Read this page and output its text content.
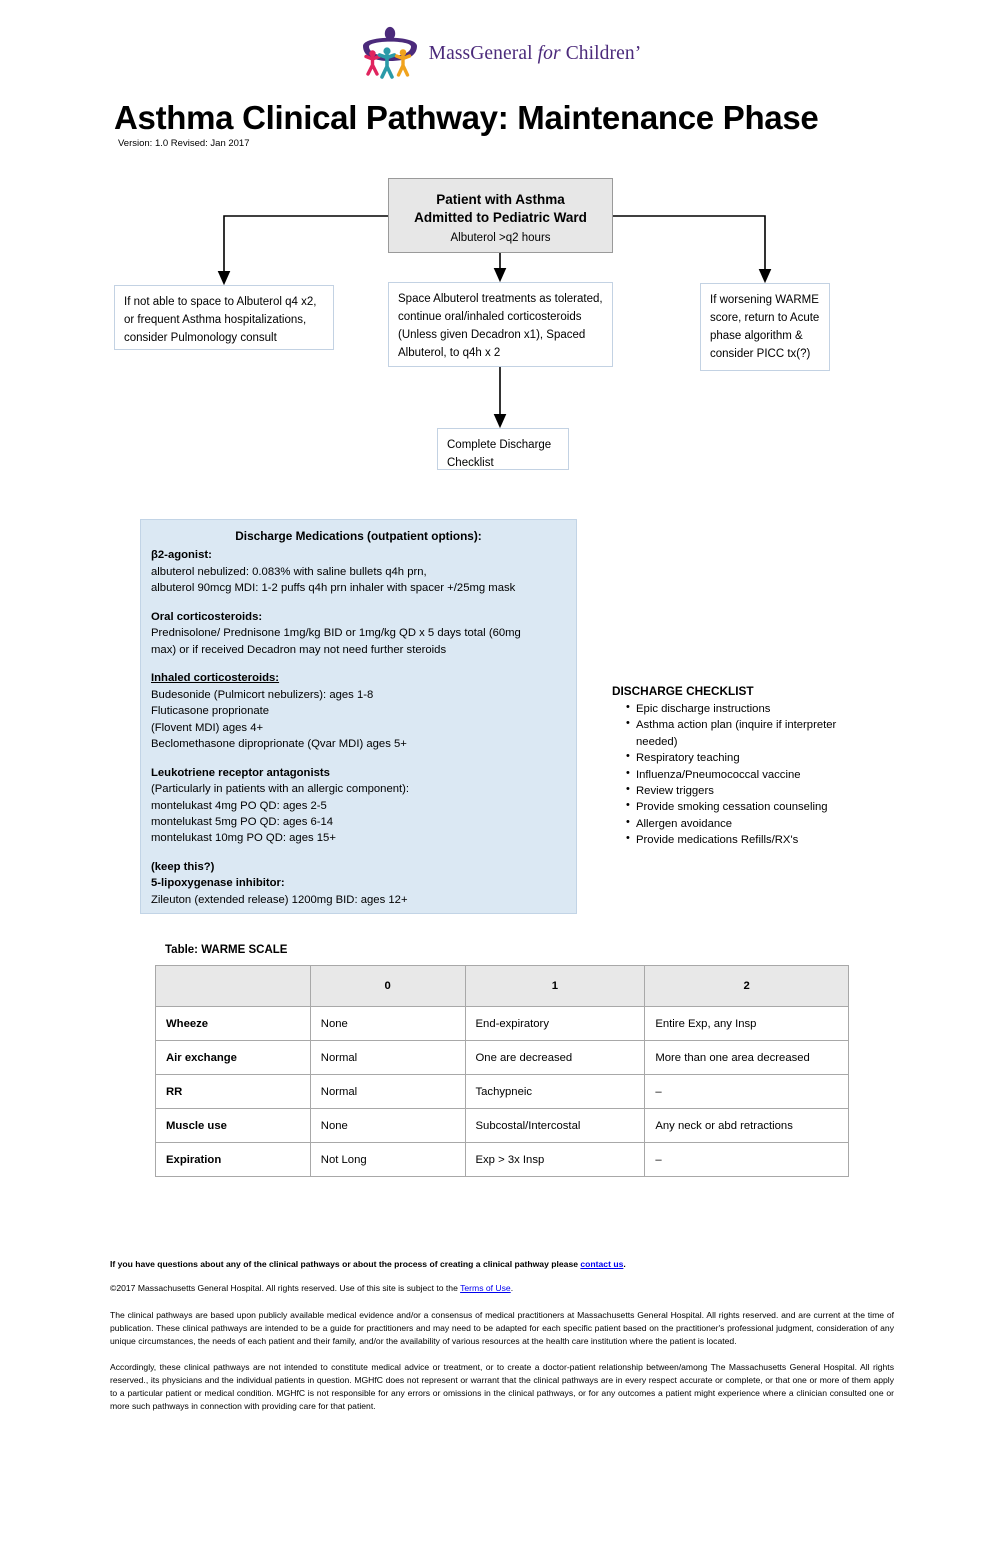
MassGeneral for Children’
Asthma Clinical Pathway: Maintenance Phase
Version: 1.0 Revised: Jan 2017
Patient with Asthma
Admitted to Pediatric Ward
Albuterol >q2 hours
If not able to space to Albuterol q4 x2, or frequent Asthma hospitalizations, consider Pulmonology consult
Space Albuterol treatments as tolerated, continue oral/inhaled corticosteroids (Unless given Decadron x1), Spaced Albuterol, to q4h x 2
If worsening WARME score, return to Acute phase algorithm & consider PICC tx(?)
Complete Discharge Checklist
Discharge Medications (outpatient options):
β2-agonist:
albuterol nebulized: 0.083% with saline bullets q4h prn,
albuterol 90mcg MDI: 1-2 puffs q4h prn inhaler with spacer +/25mg mask
Oral corticosteroids:
Prednisolone/ Prednisone 1mg/kg BID or 1mg/kg QD x 5 days total (60mg
max) or if received Decadron may not need further steroids
Inhaled corticosteroids:
Budesonide (Pulmicort nebulizers): ages 1-8
Fluticasone proprionate
(Flovent MDI) ages 4+
Beclomethasone diproprionate (Qvar MDI) ages 5+
Leukotriene receptor antagonists
(Particularly in patients with an allergic component):
montelukast 4mg PO QD: ages 2-5
montelukast 5mg PO QD: ages 6-14
montelukast 10mg PO QD: ages 15+
(keep this?)
5-lipoxygenase inhibitor:
Zileuton (extended release) 1200mg BID: ages 12+
DISCHARGE CHECKLIST
• Epic discharge instructions
• Asthma action plan (inquire if interpreter needed)
• Respiratory teaching
• Influenza/Pneumococcal vaccine
• Review triggers
• Provide smoking cessation counseling
• Allergen avoidance
• Provide medications Refills/RX's
Table: WARME SCALE
	0	1	2
Wheeze	None	End-expiratory	Entire Exp, any Insp
Air exchange	Normal	One are decreased	More than one area decreased
RR	Normal	Tachypneic	–
Muscle use	None	Subcostal/Intercostal	Any neck or abd retractions
Expiration	Not Long	Exp > 3x Insp	–
If you have questions about any of the clinical pathways or about the process of creating a clinical pathway please contact us.
©2017 Massachusetts General Hospital. All rights reserved. Use of this site is subject to the Terms of Use.

The clinical pathways are based upon publicly available medical evidence and/or a consensus of medical practitioners at Massachusetts General Hospital. All rights reserved. and are current at the time of publication. These clinical pathways are intended to be a guide for practitioners and may need to be adapted for each specific patient based on the practitioner's professional judgment, consideration of any unique circumstances, the needs of each patient and their family, and/or the availability of various resources at the health care institution where the patient is located.

Accordingly, these clinical pathways are not intended to constitute medical advice or treatment, or to create a doctor-patient relationship between/among The Massachusetts General Hospital. All rights reserved., its physicians and the individual patients in question. MGHfC does not represent or warrant that the clinical pathways are in every respect accurate or complete, or that one or more of them apply to a particular patient or medical condition. MGHfC is not responsible for any errors or omissions in the clinical pathways, or for any outcomes a patient might experience where a clinician consulted one or more such pathways in connection with providing care for that patient.
